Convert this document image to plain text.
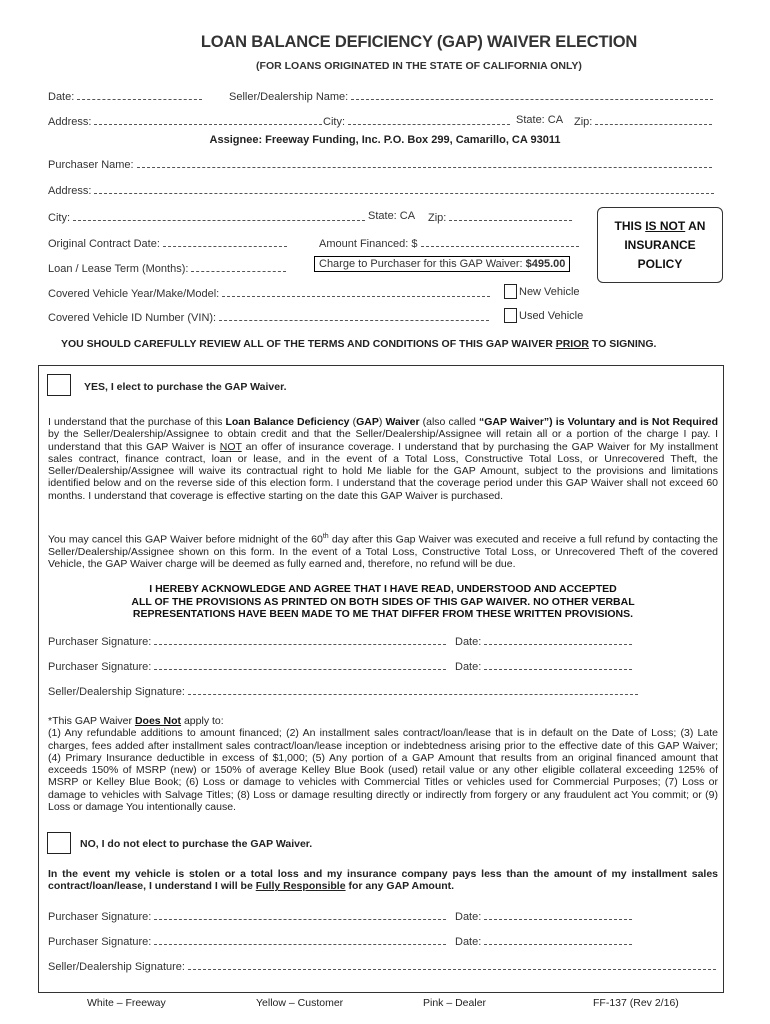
LOAN BALANCE DEFICIENCY (GAP) WAIVER ELECTION
(FOR LOANS ORIGINATED IN THE STATE OF CALIFORNIA ONLY)
Date:	Seller/Dealership Name:
Address:	City:	State: CA Zip:
Assignee: Freeway Funding, Inc. P.O. Box 299, Camarillo, CA 93011
Purchaser Name:
Address:
City:	State: CA Zip:
Original Contract Date:	Amount Financed: $
Loan / Lease Term (Months):	Charge to Purchaser for this GAP Waiver: $495.00
THIS IS NOT AN
INSURANCE
POLICY
Covered Vehicle Year/Make/Model:	New Vehicle
Covered Vehicle ID Number (VIN):	Used Vehicle
YOU SHOULD CAREFULLY REVIEW ALL OF THE TERMS AND CONDITIONS OF THIS GAP WAIVER PRIOR TO SIGNING.
YES, I elect to purchase the GAP Waiver.
I understand that the purchase of this Loan Balance Deficiency (GAP) Waiver (also called “GAP Waiver”) is Voluntary and is Not Required by the Seller/Dealership/Assignee to obtain credit and that the Seller/Dealership/Assignee will retain all or a portion of the charge I pay. I understand that this GAP Waiver is NOT an offer of insurance coverage. I understand that by purchasing the GAP Waiver for My installment sales contract, finance contract, loan or lease, and in the event of a Total Loss, Constructive Total Loss, or Unrecovered Theft, the Seller/Dealership/Assignee will waive its contractual right to hold Me liable for the GAP Amount, subject to the provisions and limitations identified below and on the reverse side of this election form. I understand that the coverage period under this GAP Waiver shall not exceed 60 months. I understand that coverage is effective starting on the date this GAP Waiver is purchased.
You may cancel this GAP Waiver before midnight of the 60th day after this Gap Waiver was executed and receive a full refund by contacting the Seller/Dealership/Assignee shown on this form. In the event of a Total Loss, Constructive Total Loss, or Unrecovered Theft of the covered Vehicle, the GAP Waiver charge will be deemed as fully earned and, therefore, no refund will be due.
I HEREBY ACKNOWLEDGE AND AGREE THAT I HAVE READ, UNDERSTOOD AND ACCEPTED
ALL OF THE PROVISIONS AS PRINTED ON BOTH SIDES OF THIS GAP WAIVER. NO OTHER VERBAL
REPRESENTATIONS HAVE BEEN MADE TO ME THAT DIFFER FROM THESE WRITTEN PROVISIONS.
Purchaser Signature:	Date:
Purchaser Signature:	Date:
Seller/Dealership Signature:
*This GAP Waiver Does Not apply to:
(1) Any refundable additions to amount financed; (2) An installment sales contract/loan/lease that is in default on the Date of Loss; (3) Late charges, fees added after installment sales contract/loan/lease inception or indebtedness arising prior to the effective date of this GAP Waiver; (4) Primary Insurance deductible in excess of $1,000; (5) Any portion of a GAP Amount that results from an original financed amount that exceeds 150% of MSRP (new) or 150% of average Kelley Blue Book (used) retail value or any other eligible collateral exceeding 125% of MSRP or Kelley Blue Book; (6) Loss or damage to vehicles with Commercial Titles or vehicles used for Commercial Purposes; (7) Loss or damage to vehicles with Salvage Titles; (8) Loss or damage resulting directly or indirectly from forgery or any fraudulent act You commit; or (9) Loss or damage You intentionally cause.
NO, I do not elect to purchase the GAP Waiver.
In the event my vehicle is stolen or a total loss and my insurance company pays less than the amount of my installment sales contract/loan/lease, I understand I will be Fully Responsible for any GAP Amount.
Purchaser Signature:	Date:
Purchaser Signature:	Date:
Seller/Dealership Signature:
White – Freeway	Yellow – Customer	Pink – Dealer	FF-137 (Rev 2/16)
